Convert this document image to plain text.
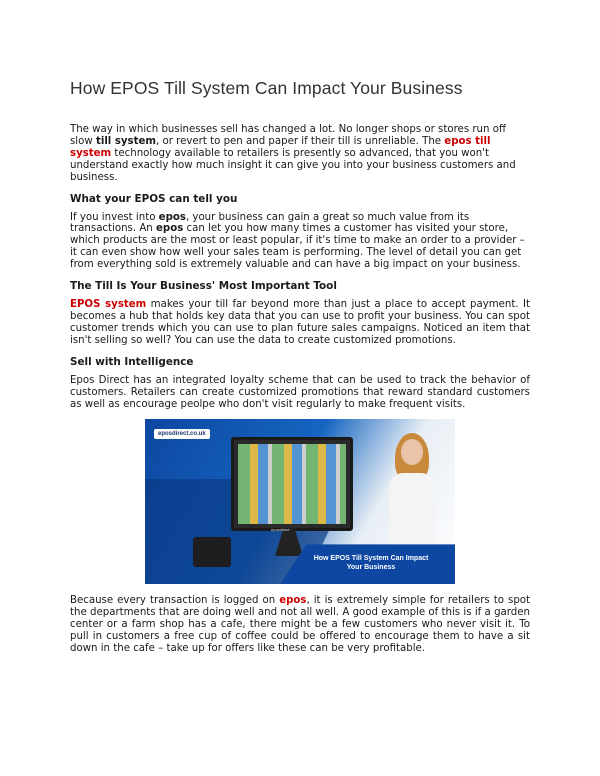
How EPOS Till System Can Impact Your Business

The way in which businesses sell has changed a lot. No longer shops or stores run off slow till system, or revert to pen and paper if their till is unreliable. The epos till system technology available to retailers is presently so advanced, that you won't understand exactly how much insight it can give you into your business customers and business.

What your EPOS can tell you

If you invest into epos, your business can gain a great so much value from its transactions. An epos can let you how many times a customer has visited your store, which products are the most or least popular, if it's time to make an order to a provider – it can even show how well your sales team is performing. The level of detail you can get from everything sold is extremely valuable and can have a big impact on your business.

The Till Is Your Business' Most Important Tool

EPOS system makes your till far beyond more than just a place to accept payment. It becomes a hub that holds key data that you can use to profit your business. You can spot customer trends which you can use to plan future sales campaigns. Noticed an item that isn't selling so well? You can use the data to create customized promotions.

Sell with Intelligence

Epos Direct has an integrated loyalty scheme that can be used to track the behavior of customers. Retailers can create customized promotions that reward standard customers as well as encourage peolpe who don't visit regularly to make frequent visits.

eposdirect.co.uk
eposdirect
How EPOS Till System Can Impact
Your Business

Because every transaction is logged on epos, it is extremely simple for retailers to spot the departments that are doing well and not all well. A good example of this is if a garden center or a farm shop has a cafe, there might be a few customers who never visit it. To pull in customers a free cup of coffee could be offered to encourage them to have a sit down in the cafe – take up for offers like these can be very profitable.
